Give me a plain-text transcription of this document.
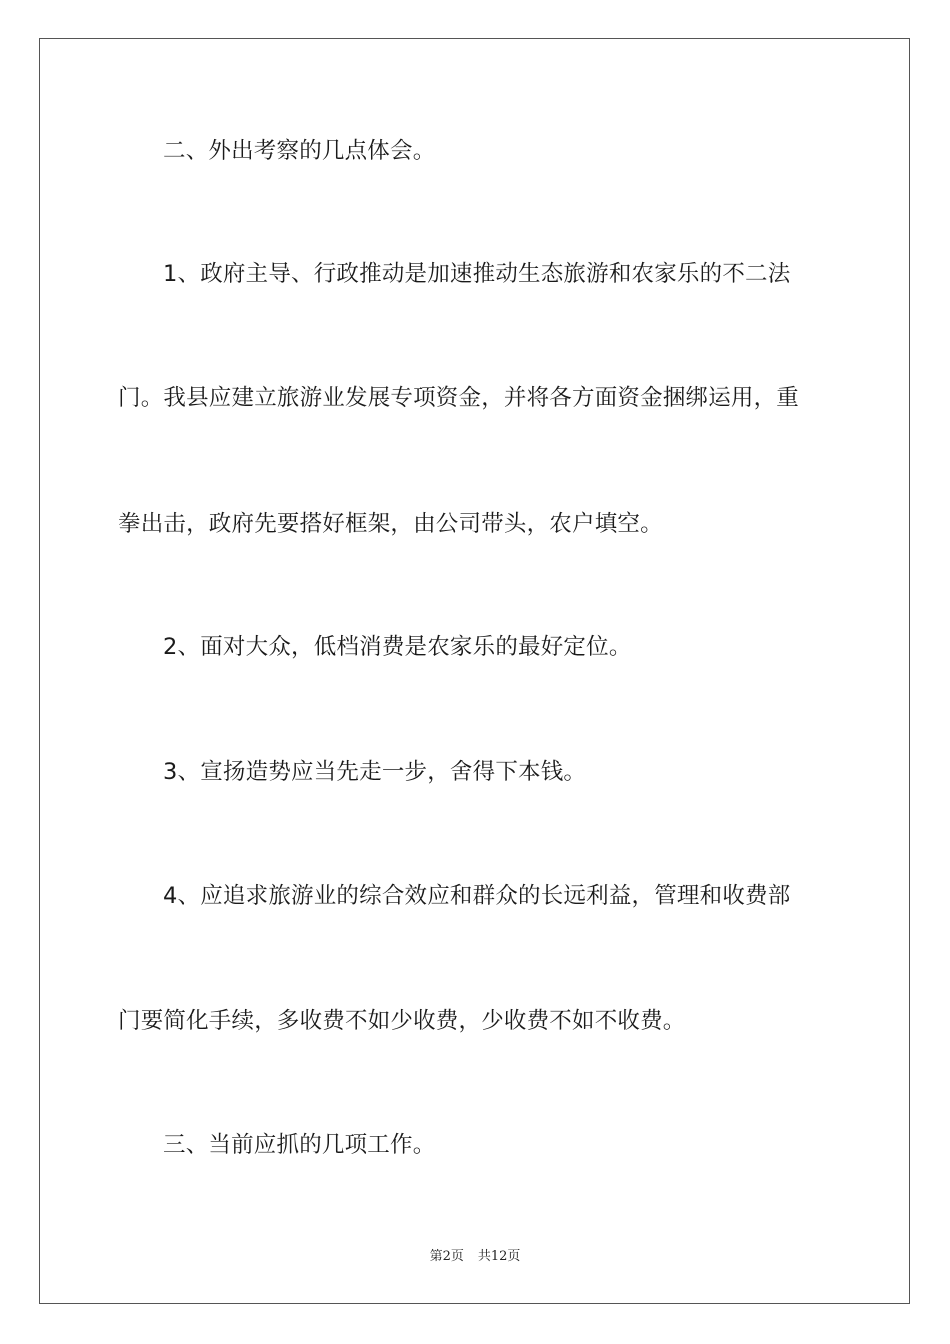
二、外出考察的几点体会。
1、政府主导、行政推动是加速推动生态旅游和农家乐的不二法
门。我县应建立旅游业发展专项资金，并将各方面资金捆绑运用，重
拳出击，政府先要搭好框架，由公司带头，农户填空。
2、面对大众，低档消费是农家乐的最好定位。
3、宣扬造势应当先走一步，舍得下本钱。
4、应追求旅游业的综合效应和群众的长远利益，管理和收费部
门要简化手续，多收费不如少收费，少收费不如不收费。
三、当前应抓的几项工作。
第2页 共12页
